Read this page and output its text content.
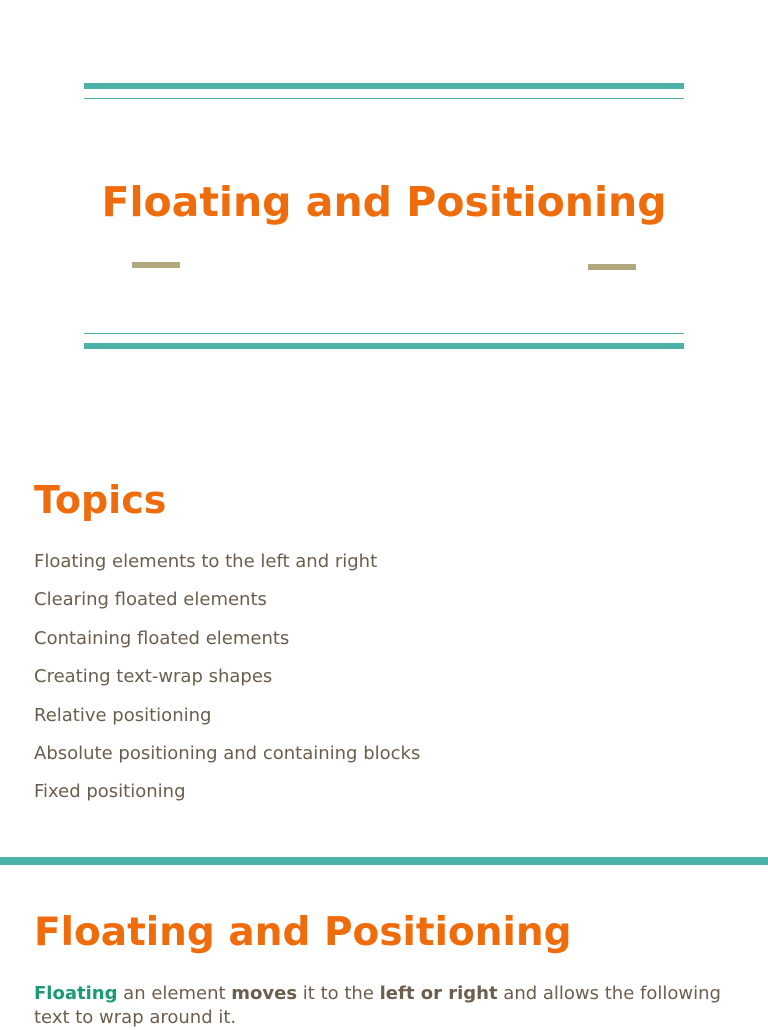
Floating and Positioning
Topics
Floating elements to the left and right
Clearing floated elements
Containing floated elements
Creating text-wrap shapes
Relative positioning
Absolute positioning and containing blocks
Fixed positioning
Floating and Positioning

Floating an element moves it to the left or right and allows the following text to wrap around it.
